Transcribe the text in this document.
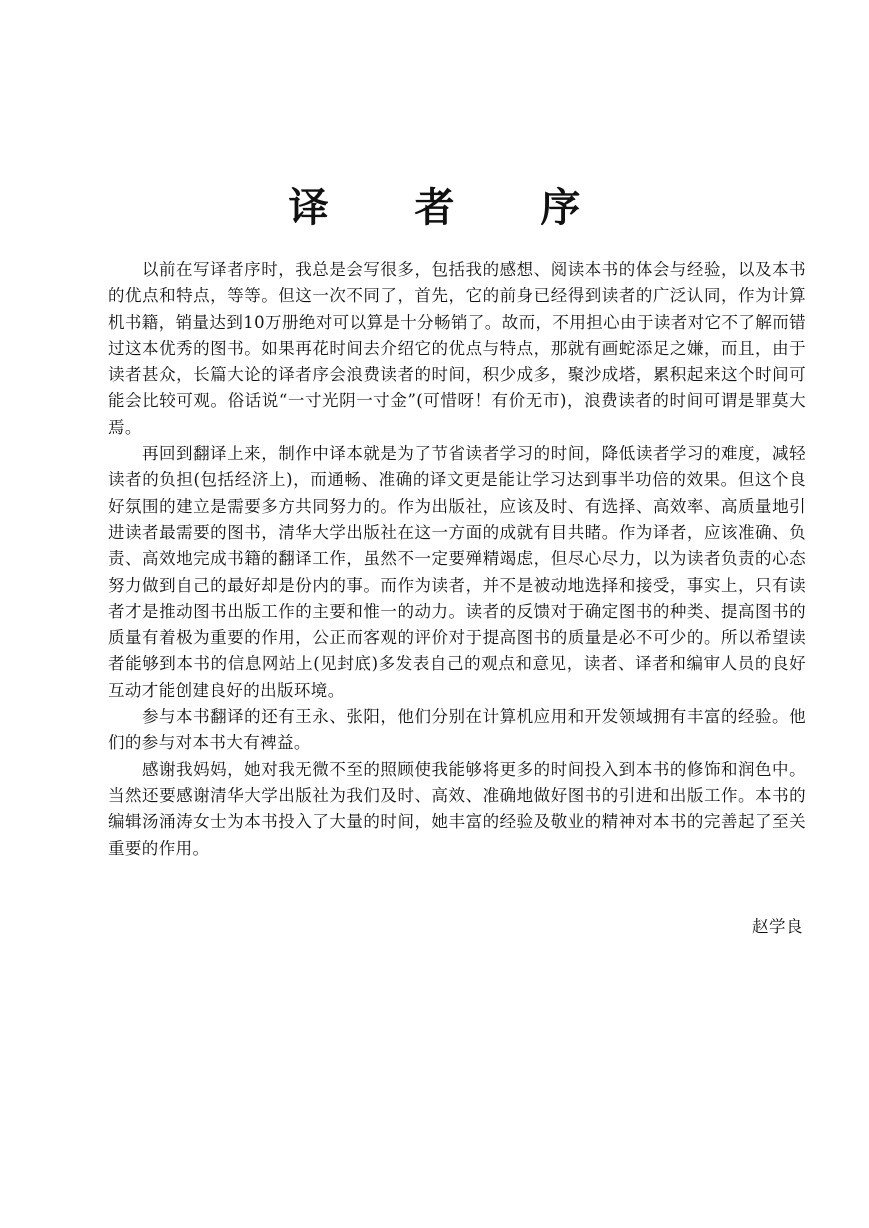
译 者 序

以前在写译者序时，我总是会写很多，包括我的感想、阅读本书的体会与经验，以及本书的优点和特点，等等。但这一次不同了，首先，它的前身已经得到读者的广泛认同，作为计算机书籍，销量达到10万册绝对可以算是十分畅销了。故而，不用担心由于读者对它不了解而错过这本优秀的图书。如果再花时间去介绍它的优点与特点，那就有画蛇添足之嫌，而且，由于读者甚众，长篇大论的译者序会浪费读者的时间，积少成多，聚沙成塔，累积起来这个时间可能会比较可观。俗话说“一寸光阴一寸金”(可惜呀！有价无市)，浪费读者的时间可谓是罪莫大焉。

再回到翻译上来，制作中译本就是为了节省读者学习的时间，降低读者学习的难度，减轻读者的负担(包括经济上)，而通畅、准确的译文更是能让学习达到事半功倍的效果。但这个良好氛围的建立是需要多方共同努力的。作为出版社，应该及时、有选择、高效率、高质量地引进读者最需要的图书，清华大学出版社在这一方面的成就有目共睹。作为译者，应该准确、负责、高效地完成书籍的翻译工作，虽然不一定要殚精竭虑，但尽心尽力，以为读者负责的心态努力做到自己的最好却是份内的事。而作为读者，并不是被动地选择和接受，事实上，只有读者才是推动图书出版工作的主要和惟一的动力。读者的反馈对于确定图书的种类、提高图书的质量有着极为重要的作用，公正而客观的评价对于提高图书的质量是必不可少的。所以希望读者能够到本书的信息网站上(见封底)多发表自己的观点和意见，读者、译者和编审人员的良好互动才能创建良好的出版环境。

参与本书翻译的还有王永、张阳，他们分别在计算机应用和开发领域拥有丰富的经验。他们的参与对本书大有裨益。

感谢我妈妈，她对我无微不至的照顾使我能够将更多的时间投入到本书的修饰和润色中。当然还要感谢清华大学出版社为我们及时、高效、准确地做好图书的引进和出版工作。本书的编辑汤涌涛女士为本书投入了大量的时间，她丰富的经验及敬业的精神对本书的完善起了至关重要的作用。

赵学良
